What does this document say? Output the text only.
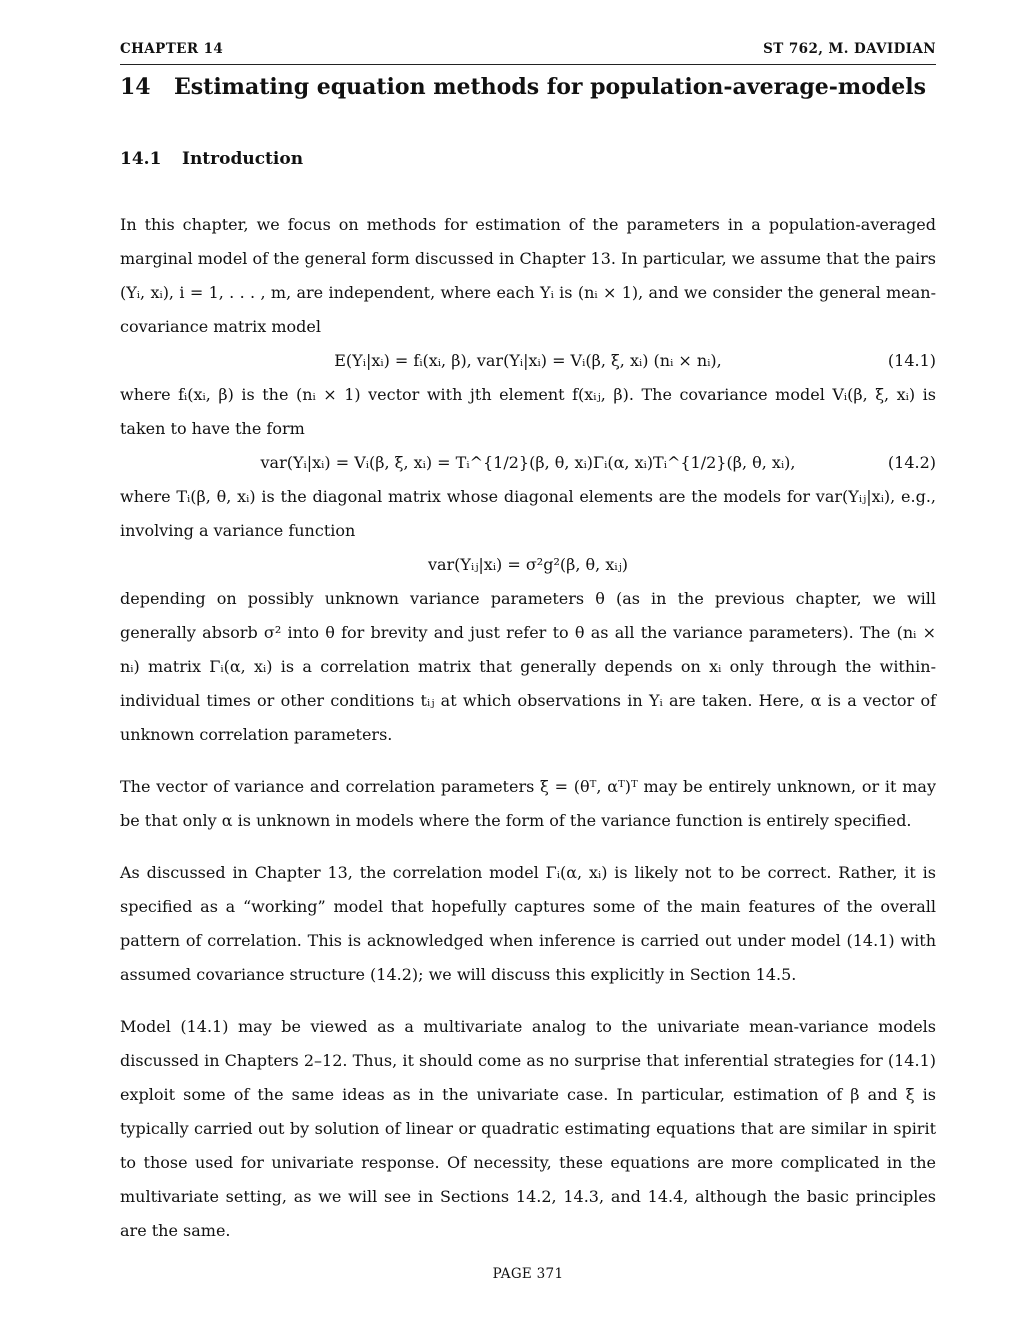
CHAPTER 14	ST 762, M. DAVIDIAN
14 Estimating equation methods for population-average-models
14.1 Introduction

In this chapter, we focus on methods for estimation of the parameters in a population-averaged marginal model of the general form discussed in Chapter 13. In particular, we assume that the pairs (Yᵢ, xᵢ), i = 1, . . . , m, are independent, where each Yᵢ is (nᵢ × 1), and we consider the general mean-covariance matrix model

E(Yᵢ|xᵢ) = fᵢ(xᵢ, β), var(Yᵢ|xᵢ) = Vᵢ(β, ξ, xᵢ) (nᵢ × nᵢ),	(14.1)

where fᵢ(xᵢ, β) is the (nᵢ × 1) vector with jth element f(xᵢⱼ, β). The covariance model Vᵢ(β, ξ, xᵢ) is taken to have the form

var(Yᵢ|xᵢ) = Vᵢ(β, ξ, xᵢ) = Tᵢ^{1/2}(β, θ, xᵢ)Γᵢ(α, xᵢ)Tᵢ^{1/2}(β, θ, xᵢ),	(14.2)

where Tᵢ(β, θ, xᵢ) is the diagonal matrix whose diagonal elements are the models for var(Yᵢⱼ|xᵢ), e.g., involving a variance function

var(Yᵢⱼ|xᵢ) = σ²g²(β, θ, xᵢⱼ)

depending on possibly unknown variance parameters θ (as in the previous chapter, we will generally absorb σ² into θ for brevity and just refer to θ as all the variance parameters). The (nᵢ × nᵢ) matrix Γᵢ(α, xᵢ) is a correlation matrix that generally depends on xᵢ only through the within-individual times or other conditions tᵢⱼ at which observations in Yᵢ are taken. Here, α is a vector of unknown correlation parameters.

The vector of variance and correlation parameters ξ = (θᵀ, αᵀ)ᵀ may be entirely unknown, or it may be that only α is unknown in models where the form of the variance function is entirely specified.

As discussed in Chapter 13, the correlation model Γᵢ(α, xᵢ) is likely not to be correct. Rather, it is specified as a “working” model that hopefully captures some of the main features of the overall pattern of correlation. This is acknowledged when inference is carried out under model (14.1) with assumed covariance structure (14.2); we will discuss this explicitly in Section 14.5.

Model (14.1) may be viewed as a multivariate analog to the univariate mean-variance models discussed in Chapters 2–12. Thus, it should come as no surprise that inferential strategies for (14.1) exploit some of the same ideas as in the univariate case. In particular, estimation of β and ξ is typically carried out by solution of linear or quadratic estimating equations that are similar in spirit to those used for univariate response. Of necessity, these equations are more complicated in the multivariate setting, as we will see in Sections 14.2, 14.3, and 14.4, although the basic principles are the same.

PAGE 371
